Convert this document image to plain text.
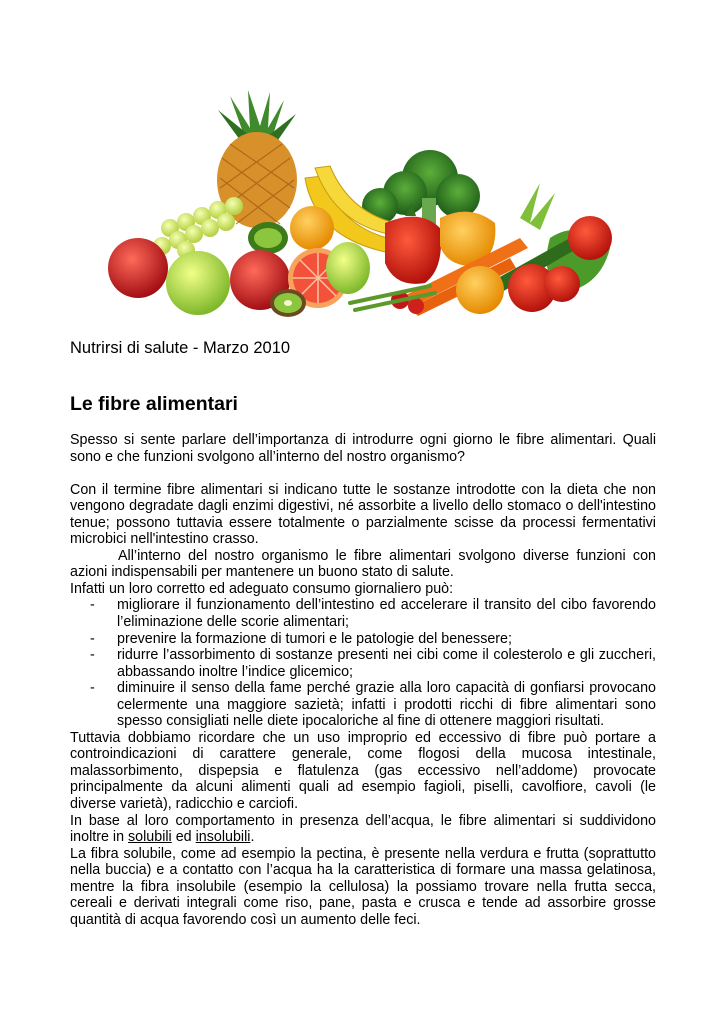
Nutrirsi di salute - Marzo 2010

Le fibre alimentari

Spesso si sente parlare dell’importanza di introdurre ogni giorno le fibre alimentari. Quali sono e che funzioni svolgono all’interno del nostro organismo?

Con il termine fibre alimentari si indicano tutte le sostanze introdotte con la dieta che non vengono degradate dagli enzimi digestivi, né assorbite a livello dello stomaco o dell'intestino tenue; possono tuttavia essere totalmente o parzialmente scisse da processi fermentativi microbici nell'intestino crasso.

All’interno del nostro organismo le fibre alimentari svolgono diverse funzioni con azioni indispensabili per mantenere un buono stato di salute.

Infatti un loro corretto ed adeguato consumo giornaliero può:

- migliorare il funzionamento dell’intestino ed accelerare il transito del cibo favorendo l’eliminazione delle scorie alimentari;
- prevenire la formazione di tumori e le patologie del benessere;
- ridurre l’assorbimento di sostanze presenti nei cibi come il colesterolo e gli zuccheri, abbassando inoltre l’indice glicemico;
- diminuire il senso della fame perché grazie alla loro capacità di gonfiarsi provocano celermente una maggiore sazietà; infatti i prodotti ricchi di fibre alimentari sono spesso consigliati nelle diete ipocaloriche al fine di ottenere maggiori risultati.

Tuttavia dobbiamo ricordare che un uso improprio ed eccessivo di fibre può portare a controindicazioni di carattere generale, come flogosi della mucosa intestinale, malassorbimento, dispepsia e flatulenza (gas eccessivo nell’addome) provocate principalmente da alcuni alimenti quali ad esempio fagioli, piselli, cavolfiore, cavoli (le diverse varietà), radicchio e carciofi.

In base al loro comportamento in presenza dell’acqua, le fibre alimentari si suddividono inoltre in solubili ed insolubili.

La fibra solubile, come ad esempio la pectina, è presente nella verdura e frutta (soprattutto nella buccia) e a contatto con l’acqua ha la caratteristica di formare una massa gelatinosa, mentre la fibra insolubile (esempio la cellulosa) la possiamo trovare nella frutta secca, cereali e derivati integrali come riso, pane, pasta e crusca e tende ad assorbire grosse quantità di acqua favorendo così un aumento delle feci.
